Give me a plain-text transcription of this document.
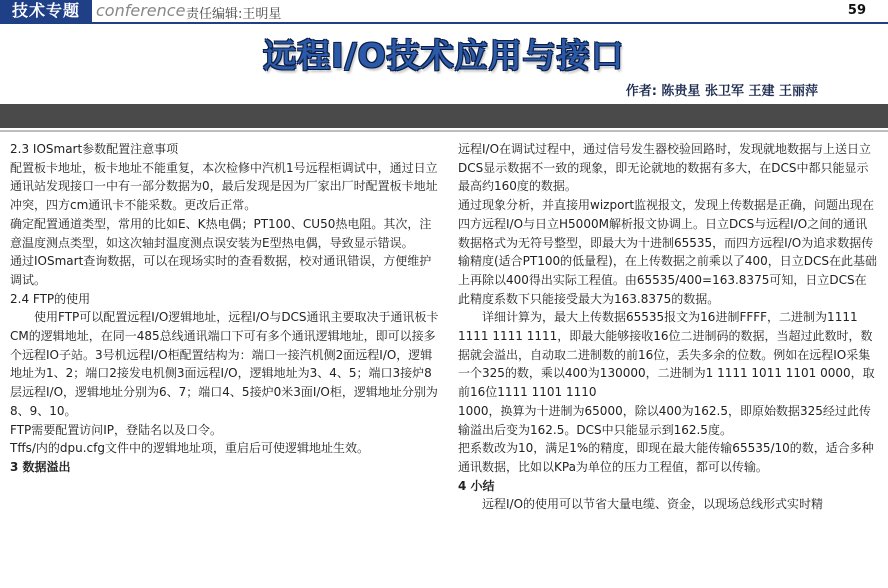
技术专题	conference 责任编辑:王明星	59
远程I/O技术应用与接口
作者: 陈贵星 张卫军 王建 王丽萍

2.3 IOSmart参数配置注意事项

配置板卡地址，板卡地址不能重复，本次检修中汽机1号远程柜调试中，通过日立通讯站发现接口一中有一部分数据为0，最后发现是因为厂家出厂时配置板卡地址冲突，四方cm通讯卡不能采数。更改后正常。

确定配置通道类型，常用的比如E、K热电偶；PT100、CU50热电阻。其次，注意温度测点类型，如这次轴封温度测点误安装为E型热电偶，导致显示错误。

通过IOSmart查询数据，可以在现场实时的查看数据，校对通讯错误，方便维护调试。

2.4 FTP的使用

使用FTP可以配置远程I/O逻辑地址，远程I/O与DCS通讯主要取决于通讯板卡CM的逻辑地址，在同一485总线通讯端口下可有多个通讯逻辑地址，即可以接多个远程IO子站。3号机远程I/O柜配置结构为：端口一接汽机侧2面远程I/O，逻辑地址为1、2；端口2接发电机侧3面远程I/O，逻辑地址为3、4、5；端口3接炉8层远程I/O，逻辑地址分别为6、7；端口4、5接炉0米3面I/O柜，逻辑地址分别为8、9、10。

FTP需要配置访问IP，登陆名以及口令。

Tffs/内的dpu.cfg文件中的逻辑地址项，重启后可使逻辑地址生效。

3 数据溢出

远程I/O在调试过程中，通过信号发生器校验回路时，发现就地数据与上送日立DCS显示数据不一致的现象，即无论就地的数据有多大，在DCS中都只能显示最高约160度的数据。

通过现象分析，并直接用wizport监视报文，发现上传数据是正确，问题出现在四方远程I/O与日立H5000M解析报文协调上。日立DCS与远程I/O之间的通讯数据格式为无符号整型，即最大为十进制65535，而四方远程I/O为追求数据传输精度(适合PT100的低量程)，在上传数据之前乘以了400，日立DCS在此基础上再除以400得出实际工程值。由65535/400=163.8375可知，日立DCS在此精度系数下只能接受最大为163.8375的数据。

详细计算为，最大上传数据65535报文为16进制FFFF，二进制为1111 1111 1111 1111，即最大能够接收16位二进制码的数据，当超过此数时，数据就会溢出，自动取二进制数的前16位，丢失多余的位数。例如在远程IO采集一个325的数，乘以400为130000，二进制为1 1111 1011 1101 0000，取前16位1111 1101 1110

1000，换算为十进制为65000，除以400为162.5，即原始数据325经过此传输溢出后变为162.5。DCS中只能显示到162.5度。

把系数改为10，满足1%的精度，即现在最大能传输65535/10的数，适合多种通讯数据，比如以KPa为单位的压力工程值，都可以传输。

4 小结

远程I/O的使用可以节省大量电缆、资金，以现场总线形式实时精
